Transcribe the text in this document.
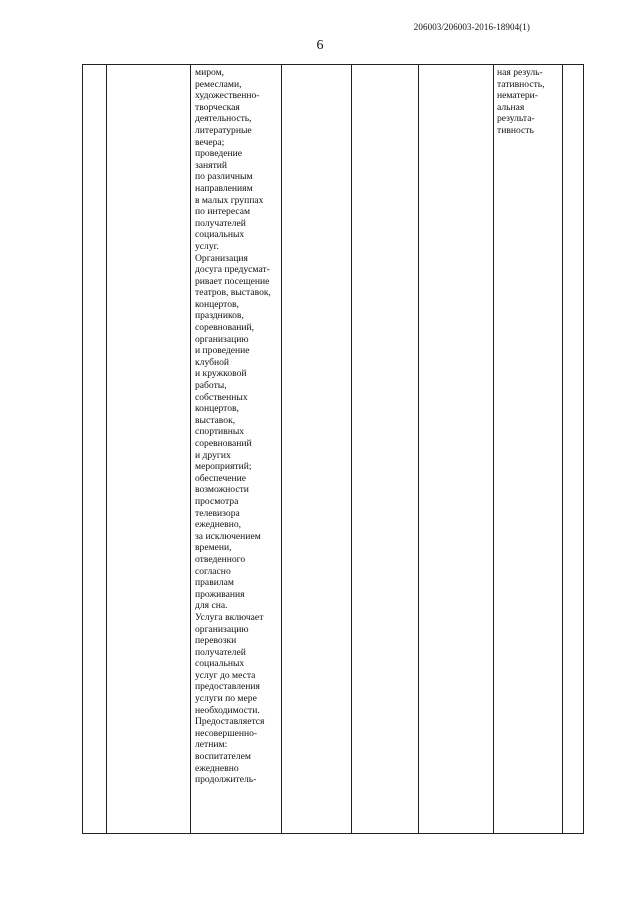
206003/206003-2016-18904(1)
6
миром,
ремеслами,
художественно-
творческая
деятельность,
литературные
вечера;
проведение
занятий
по различным
направлениям
в малых группах
по интересам
получателей
социальных
услуг.
Организация
досуга предусмат-
ривает посещение
театров, выставок,
концертов,
праздников,
соревнований,
организацию
и проведение
клубной
и кружковой
работы,
собственных
концертов,
выставок,
спортивных
соревнований
и других
мероприятий;
обеспечение
возможности
просмотра
телевизора
ежедневно,
за исключением
времени,
отведенного
согласно
правилам
проживания
для сна.
Услуга включает
организацию
перевозки
получателей
социальных
услуг до места
предоставления
услуги по мере
необходимости.
Предоставляется
несовершенно-
летним:
воспитателем
ежедневно
продолжитель-
ная резуль-
тативность,
нематери-
альная
результа-
тивность
